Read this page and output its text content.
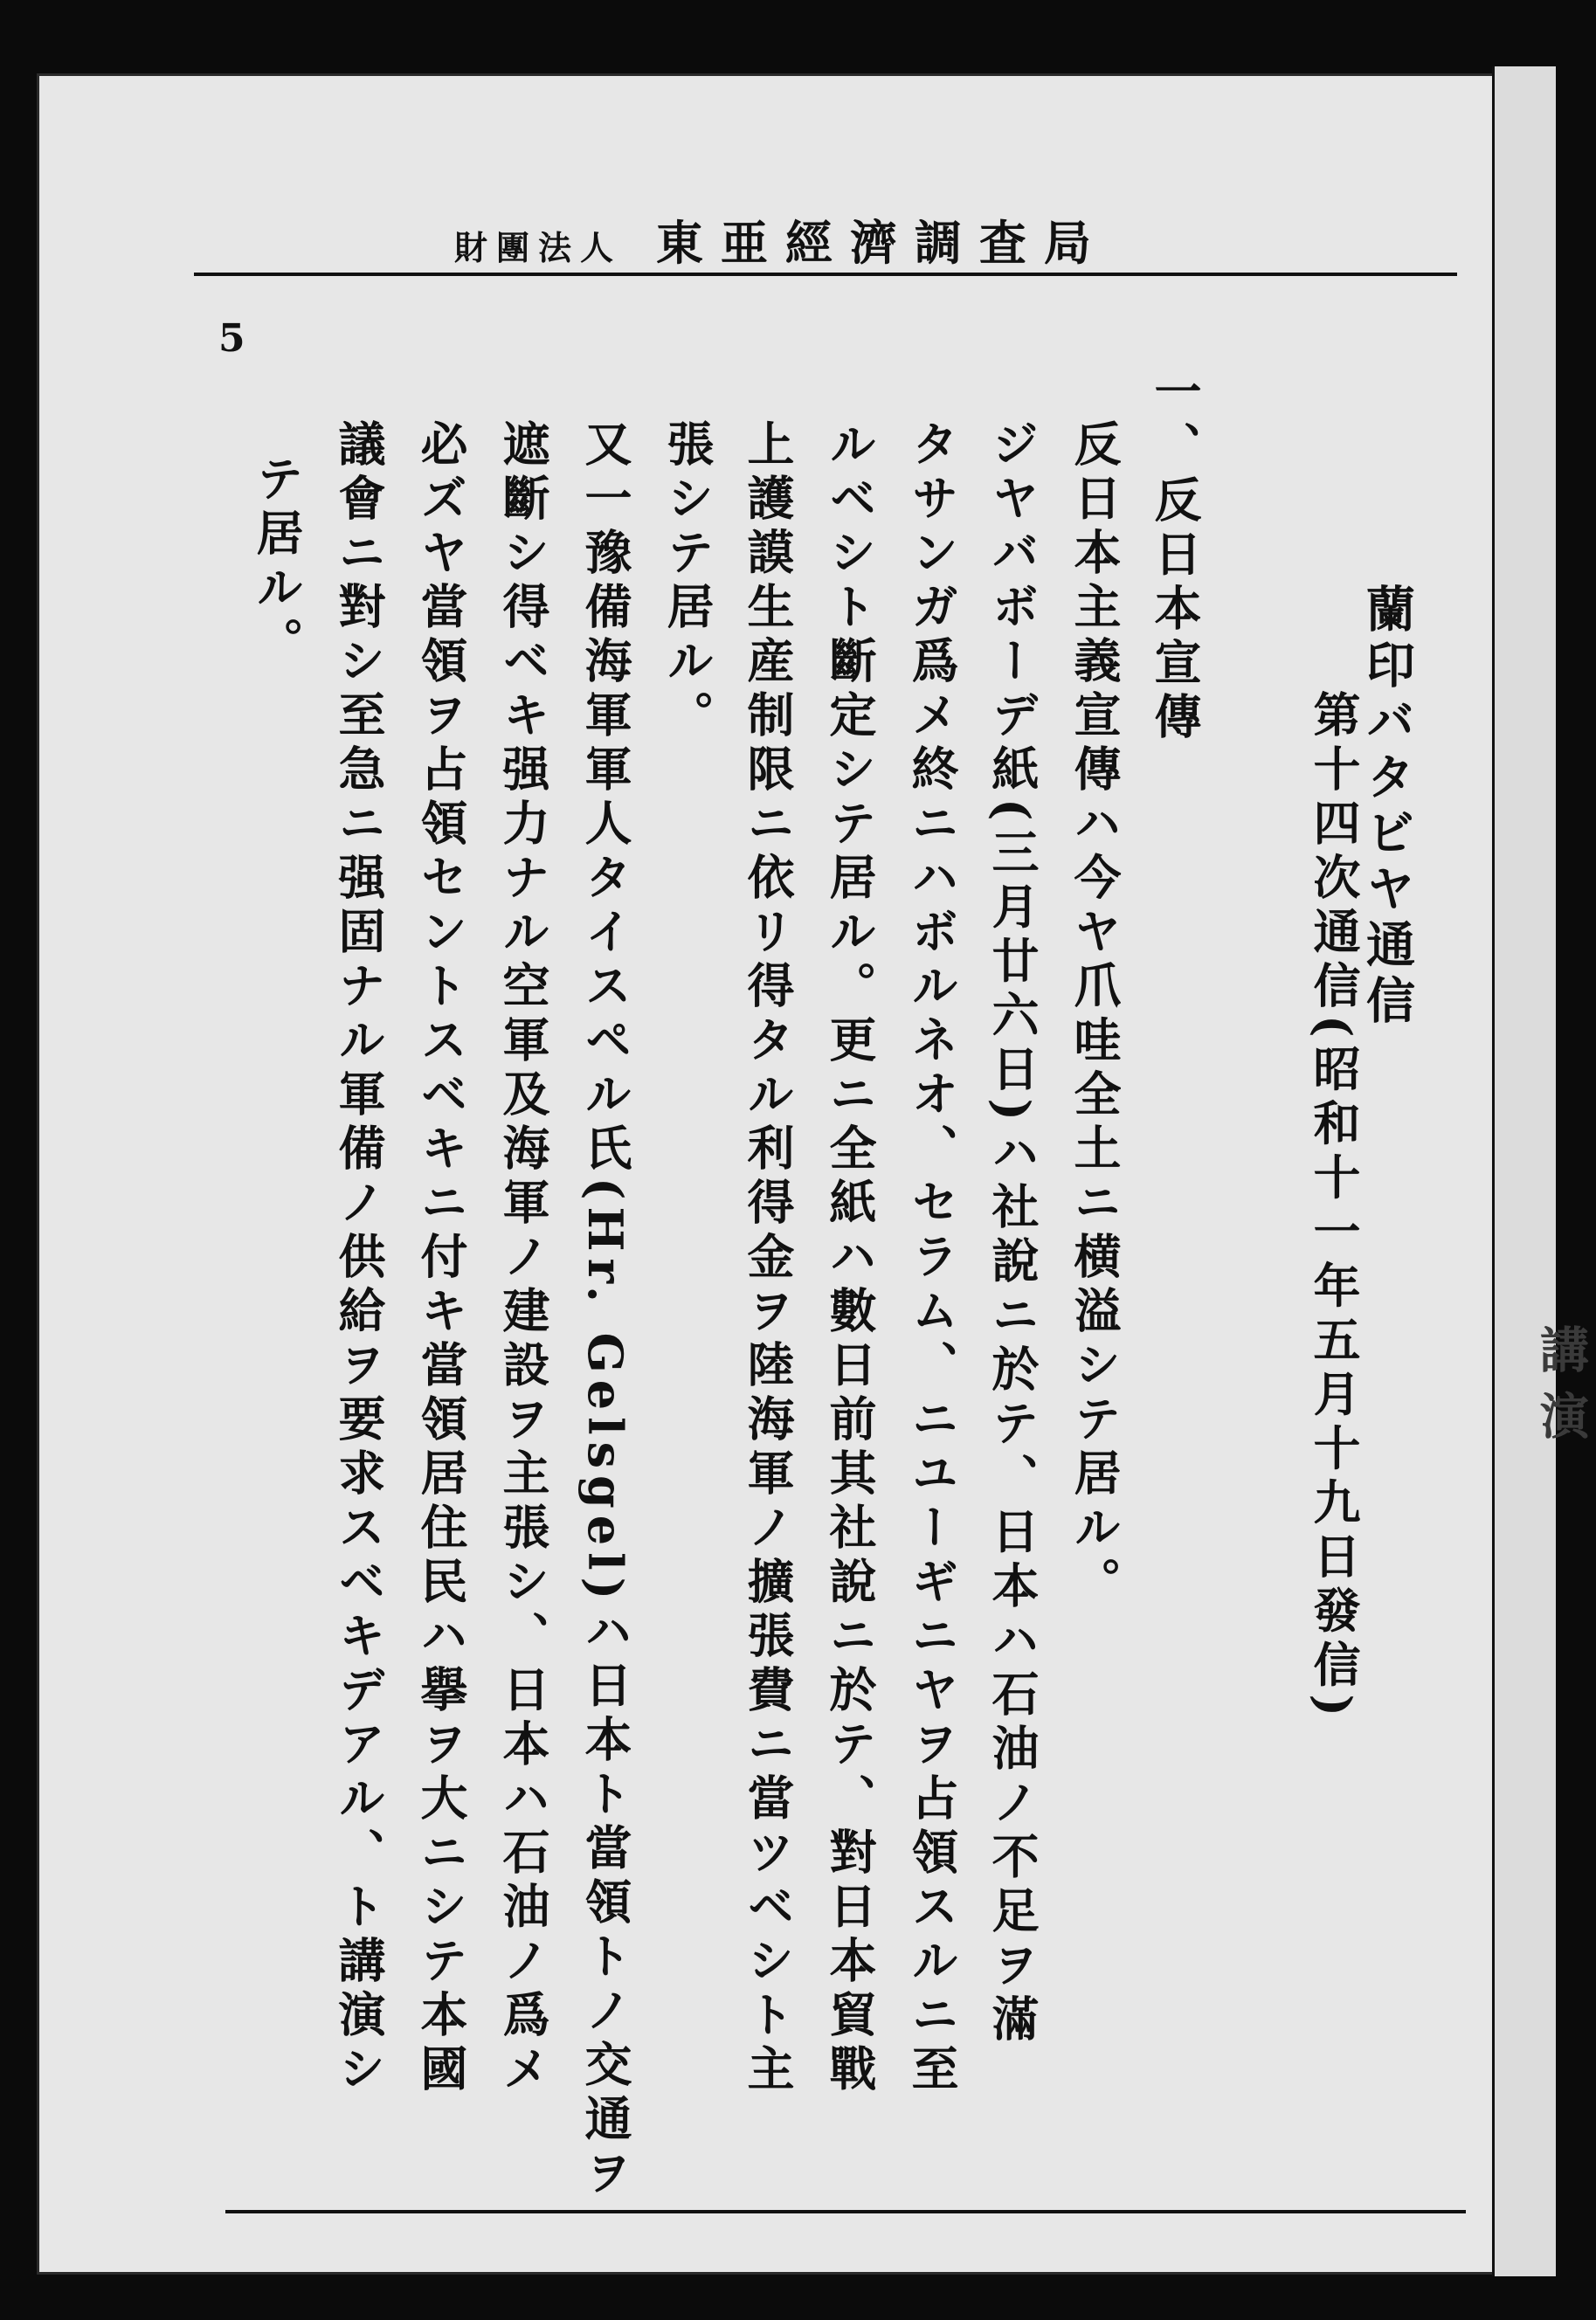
講演
財團法人 東亜經濟調査局
5
蘭印バタビヤ通信
第十四次通信(昭和十一年五月十九日發信)
一、反日本宣傳
反日本主義宣傳ハ今ヤ爪哇全土ニ横溢シテ居ル。
ジヤバボーデ紙(三月廿六日)ハ社說ニ於テ、日本ハ石油ノ不足ヲ滿
タサンガ爲メ終ニハボルネオ、セラム、ニユーギニヤヲ占領スルニ至
ルベシト斷定シテ居ル。更ニ全紙ハ數日前其社說ニ於テ、對日本貿戰
上護謨生産制限ニ依リ得タル利得金ヲ陸海軍ノ擴張費ニ當ツベシト主
張シテ居ル。
又一豫備海軍軍人タイスペル氏(Hr. Gelsgel)ハ日本ト當領トノ交通ヲ
遮斷シ得ベキ强力ナル空軍及海軍ノ建設ヲ主張シ、日本ハ石油ノ爲メ
必ズヤ當領ヲ占領セントスベキニ付キ當領居住民ハ擧ヲ大ニシテ本國
議會ニ對シ至急ニ强固ナル軍備ノ供給ヲ要求スベキデアル、ト講演シ
テ居ル。
